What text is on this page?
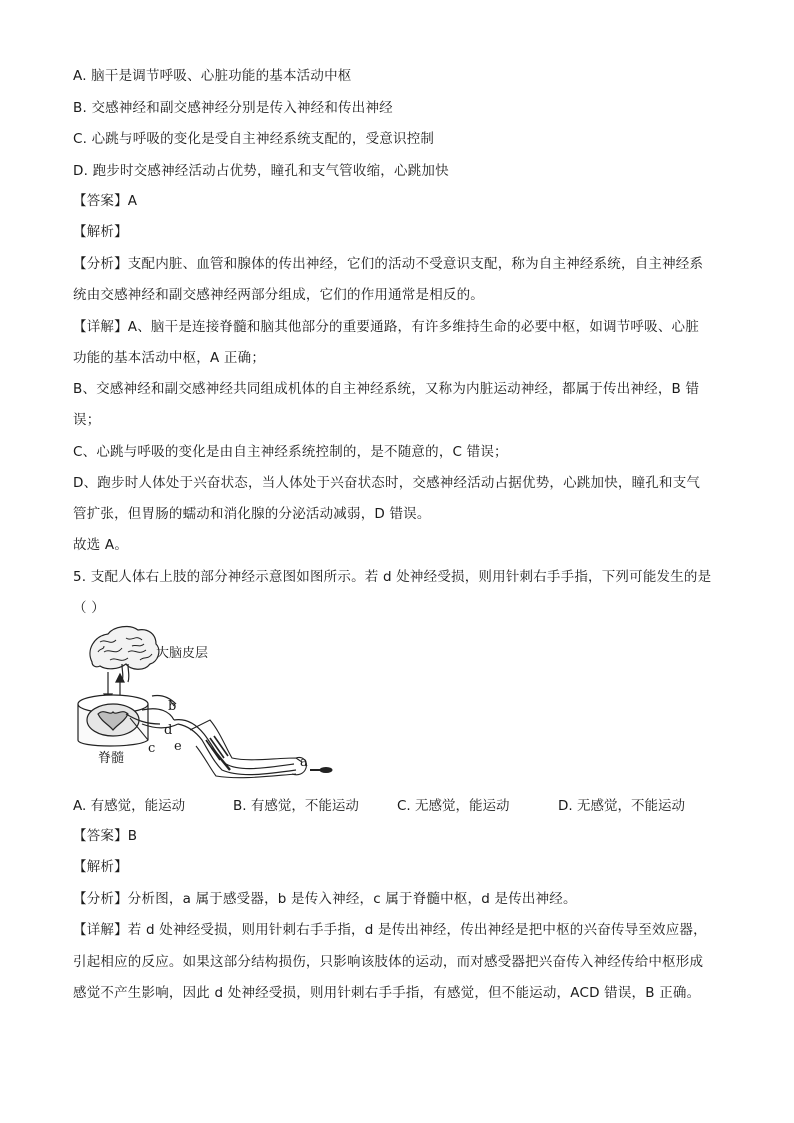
A. 脑干是调节呼吸、心脏功能的基本活动中枢
B. 交感神经和副交感神经分别是传入神经和传出神经
C. 心跳与呼吸的变化是受自主神经系统支配的，受意识控制
D. 跑步时交感神经活动占优势，瞳孔和支气管收缩，心跳加快
【答案】A
【解析】
【分析】支配内脏、血管和腺体的传出神经，它们的活动不受意识支配，称为自主神经系统，自主神经系
统由交感神经和副交感神经两部分组成，它们的作用通常是相反的。
【详解】A、脑干是连接脊髓和脑其他部分的重要通路，有许多维持生命的必要中枢，如调节呼吸、心脏
功能的基本活动中枢，A 正确；
B、交感神经和副交感神经共同组成机体的自主神经系统，又称为内脏运动神经，都属于传出神经，B 错
误；
C、心跳与呼吸的变化是由自主神经系统控制的，是不随意的，C 错误；
D、跑步时人体处于兴奋状态，当人体处于兴奋状态时，交感神经活动占据优势，心跳加快，瞳孔和支气
管扩张，但胃肠的蠕动和消化腺的分泌活动减弱，D 错误。
故选 A。
5. 支配人体右上肢的部分神经示意图如图所示。若 d 处神经受损，则用针刺右手手指，下列可能发生的是
（ ）
大脑皮层
脊髓	a
b
c
d
e
A. 有感觉，能运动	B. 有感觉，不能运动	C. 无感觉，能运动	D. 无感觉，不能运动
【答案】B
【解析】
【分析】分析图，a 属于感受器，b 是传入神经，c 属于脊髓中枢，d 是传出神经。
【详解】若 d 处神经受损，则用针刺右手手指，d 是传出神经，传出神经是把中枢的兴奋传导至效应器，
引起相应的反应。如果这部分结构损伤，只影响该肢体的运动，而对感受器把兴奋传入神经传给中枢形成
感觉不产生影响，因此 d 处神经受损，则用针刺右手手指，有感觉，但不能运动，ACD 错误，B 正确。
